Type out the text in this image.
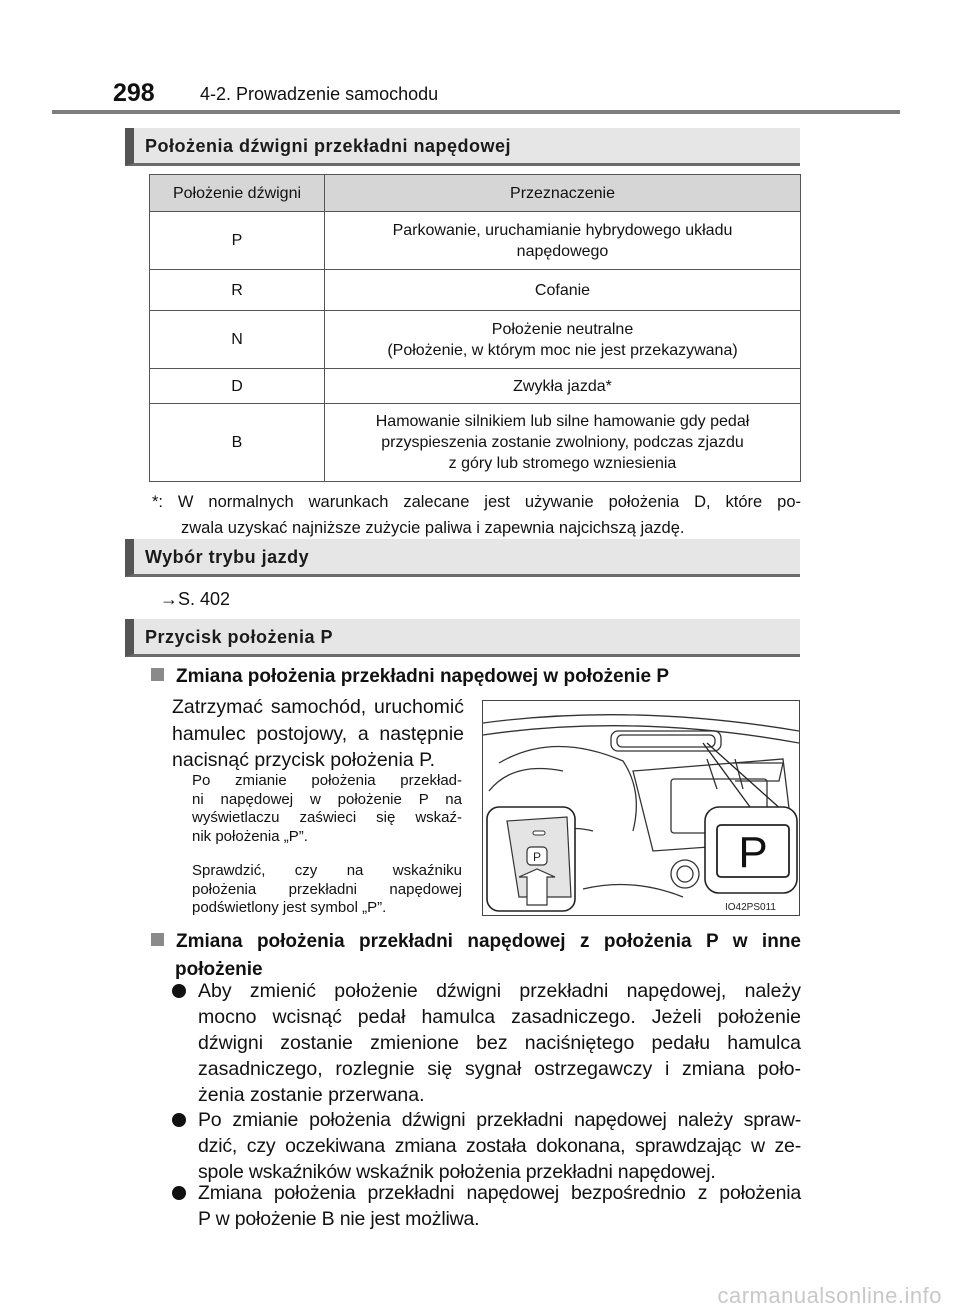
298	4-2. Prowadzenie samochodu
Położenia dźwigni przekładni napędowej
Położenie dźwigni	Przeznaczenie
P	Parkowanie, uruchamianie hybrydowego układu
napędowego

R	Cofanie

N	Położenie neutralne
(Położenie, w którym moc nie jest przekazywana)

D	Zwykła jazda*

B	Hamowanie silnikiem lub silne hamowanie gdy pedał
przyspieszenia zostanie zwolniony, podczas zjazdu
z góry lub stromego wzniesienia
*: W normalnych warunkach zalecane jest używanie położenia D, które po-
zwala uzyskać najniższe zużycie paliwa i zapewnia najcichszą jazdę.
Wybór trybu jazdy
→S. 402
Przycisk położenia P
Zmiana położenia przekładni napędowej w położenie P
Zatrzymać samochód, uruchomić
hamulec postojowy, a następnie
nacisnąć przycisk położenia P.
Po zmianie położenia przekład-
ni napędowej w położenie P na
wyświetlaczu zaświeci się wskaź-
nik położenia „P”.
Sprawdzić, czy na wskaźniku
położenia przekładni napędowej
podświetlony jest symbol „P”.
P	P
IO42PS011
Zmiana położenia przekładni napędowej z położenia P w inne
położenie
Aby zmienić położenie dźwigni przekładni napędowej, należy
mocno wcisnąć pedał hamulca zasadniczego. Jeżeli położenie
dźwigni zostanie zmienione bez naciśniętego pedału hamulca
zasadniczego, rozlegnie się sygnał ostrzegawczy i zmiana poło-
żenia zostanie przerwana.
Po zmianie położenia dźwigni przekładni napędowej należy spraw-
dzić, czy oczekiwana zmiana została dokonana, sprawdzając w ze-
spole wskaźników wskaźnik położenia przekładni napędowej.
Zmiana położenia przekładni napędowej bezpośrednio z położenia
P w położenie B nie jest możliwa.
carmanualsonline.info
